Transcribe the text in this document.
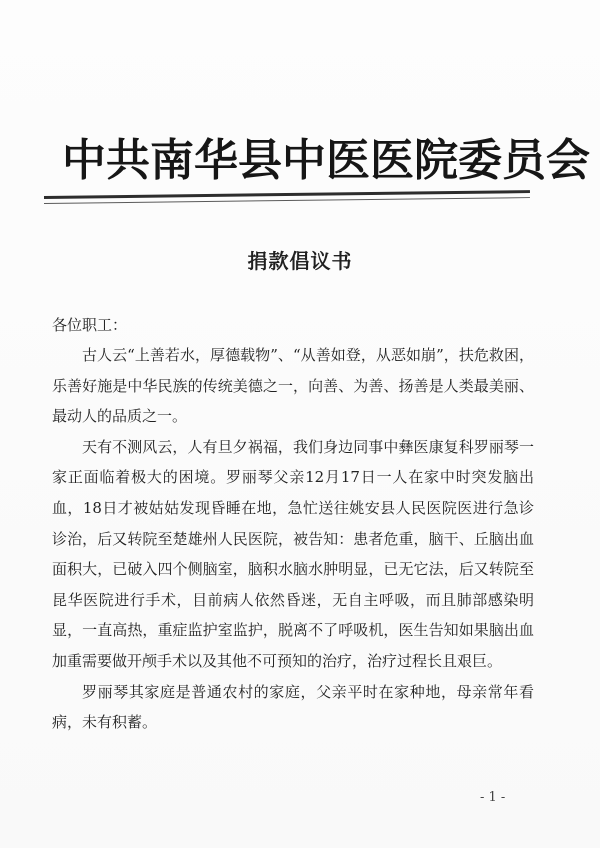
中共南华县中医医院委员会
捐款倡议书
各位职工：

古人云“上善若水，厚德载物”、“从善如登，从恶如崩”，扶危救困，乐善好施是中华民族的传统美德之一，向善、为善、扬善是人类最美丽、最动人的品质之一。

天有不测风云，人有旦夕祸福，我们身边同事中彝医康复科罗丽琴一家正面临着极大的困境。罗丽琴父亲12月17日一人在家中时突发脑出血，18日才被姑姑发现昏睡在地，急忙送往姚安县人民医院医进行急诊诊治，后又转院至楚雄州人民医院，被告知：患者危重，脑干、丘脑出血面积大，已破入四个侧脑室，脑积水脑水肿明显，已无它法，后又转院至昆华医院进行手术，目前病人依然昏迷，无自主呼吸，而且肺部感染明显，一直高热，重症监护室监护，脱离不了呼吸机，医生告知如果脑出血加重需要做开颅手术以及其他不可预知的治疗，治疗过程长且艰巨。

罗丽琴其家庭是普通农村的家庭，父亲平时在家种地，母亲常年看病，未有积蓄。

- 1 -
